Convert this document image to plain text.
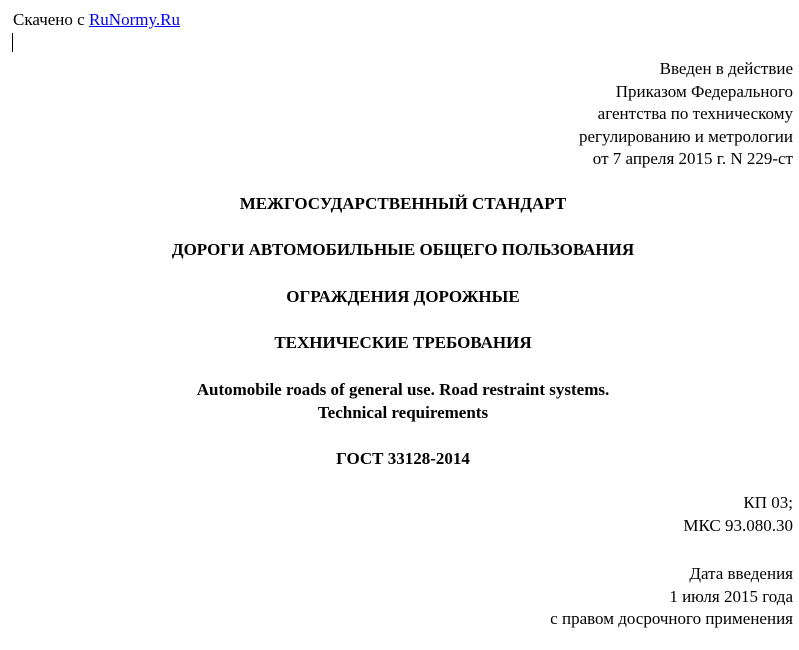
Скачено с RuNormy.Ru
Введен в действие
Приказом Федерального
агентства по техническому
регулированию и метрологии
от 7 апреля 2015 г. N 229-ст
МЕЖГОСУДАРСТВЕННЫЙ СТАНДАРТ
ДОРОГИ АВТОМОБИЛЬНЫЕ ОБЩЕГО ПОЛЬЗОВАНИЯ
ОГРАЖДЕНИЯ ДОРОЖНЫЕ
ТЕХНИЧЕСКИЕ ТРЕБОВАНИЯ
Automobile roads of general use. Road restraint systems.
Technical requirements
ГОСТ 33128-2014
КП 03;
МКС 93.080.30
Дата введения
1 июля 2015 года
с правом досрочного применения
